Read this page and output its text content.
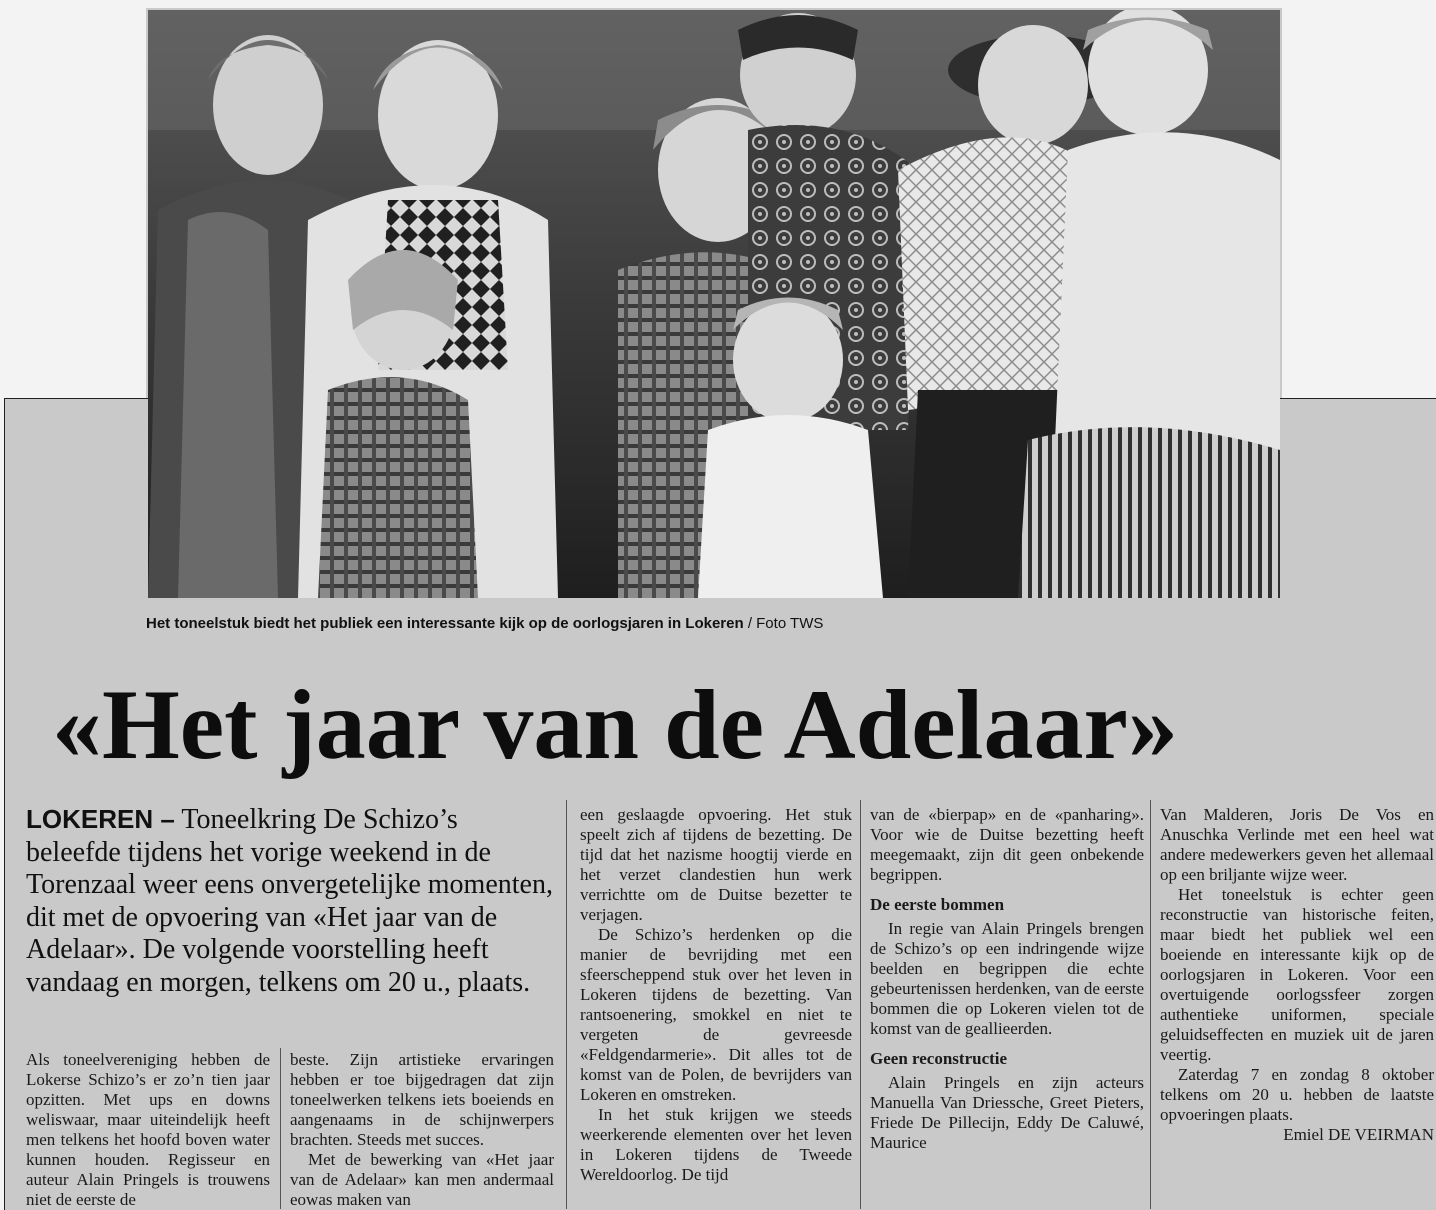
Het toneelstuk biedt het publiek een interessante kijk op de oorlogsjaren in Lokeren / Foto TWS
«Het jaar van de Adelaar»
LOKEREN – Toneelkring De Schizo’s beleefde tijdens het vorige weekend in de Torenzaal weer eens onvergetelijke momenten, dit met de opvoering van «Het jaar van de Adelaar». De volgende voorstelling heeft vandaag en morgen, telkens om 20 u., plaats.

Als toneelvereniging hebben de Lokerse Schizo’s er zo’n tien jaar opzitten. Met ups en downs weliswaar, maar uiteindelijk heeft men telkens het hoofd boven water kunnen houden. Regisseur en auteur Alain Pringels is trouwens niet de eerste de

beste. Zijn artistieke ervaringen hebben er toe bijgedragen dat zijn toneelwerken telkens iets boeiends en aangenaams in de schijnwerpers brachten. Steeds met succes.

Met de bewerking van «Het jaar van de Adelaar» kan men andermaal eowas maken van

een geslaagde opvoering. Het stuk speelt zich af tijdens de bezetting. De tijd dat het nazisme hoogtij vierde en het verzet clandestien hun werk verrichtte om de Duitse bezetter te verjagen.

De Schizo’s herdenken op die manier de bevrijding met een sfeerscheppend stuk over het leven in Lokeren tijdens de bezetting. Van rantsoenering, smokkel en niet te vergeten de gevreesde «Feldgendarmerie». Dit alles tot de komst van de Polen, de bevrijders van Lokeren en omstreken.

In het stuk krijgen we steeds weerkerende elementen over het leven in Lokeren tijdens de Tweede Wereldoorlog. De tijd

van de «bierpap» en de «panharing». Voor wie de Duitse bezetting heeft meegemaakt, zijn dit geen onbekende begrippen.

De eerste bommen

In regie van Alain Pringels brengen de Schizo’s op een indringende wijze beelden en begrippen die echte gebeurtenissen herdenken, van de eerste bommen die op Lokeren vielen tot de komst van de geallieerden.

Geen reconstructie

Alain Pringels en zijn acteurs Manuella Van Driessche, Greet Pieters, Friede De Pillecijn, Eddy De Caluwé, Maurice

Van Malderen, Joris De Vos en Anuschka Verlinde met een heel wat andere medewerkers geven het allemaal op een briljante wijze weer.

Het toneelstuk is echter geen reconstructie van historische feiten, maar biedt het publiek wel een boeiende en interessante kijk op de oorlogsjaren in Lokeren. Voor een overtuigende oorlogssfeer zorgen authentieke uniformen, speciale geluidseffecten en muziek uit de jaren veertig.

Zaterdag 7 en zondag 8 oktober telkens om 20 u. hebben de laatste opvoeringen plaats.

Emiel DE VEIRMAN
